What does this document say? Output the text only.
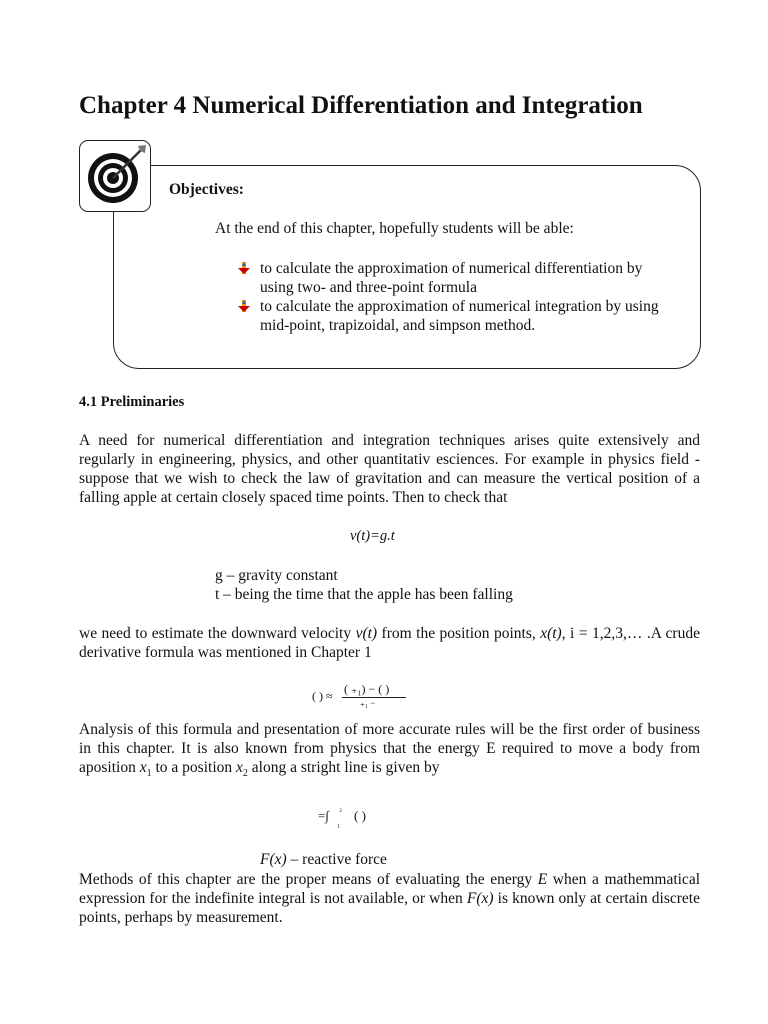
Chapter 4 Numerical Differentiation and Integration
Objectives:
At the end of this chapter, hopefully students will be able:
to calculate the approximation of numerical differentiation by
using two- and three-point formula
to calculate the approximation of numerical integration by using
mid-point, trapizoidal, and simpson method.
4.1 Preliminaries

A need for numerical differentiation and integration techniques arises quite extensively and regularly in engineering, physics, and other quantitativ esciences. For example in physics field - suppose that we wish to check the law of gravitation and can measure the vertical position of a falling apple at certain closely spaced time points. Then to check that

v(t)=g.t
g – gravity constant
t – being the time that the apple has been falling

we need to estimate the downward velocity v(t) from the position points, x(t), i = 1,2,3,… .A crude derivative formula was mentioned in Chapter 1

( ) ≈ ( ₊₁) − ( )
₊₁ −

Analysis of this formula and presentation of more accurate rules will be the first order of business in this chapter. It is also known from physics that the energy E required to move a body from aposition $x_1$ to a position $x_2$ along a stright line is given by

=∫
₂
₁ ( )
F(x) – reactive force

Methods of this chapter are the proper means of evaluating the energy E when a mathemmatical expression for the indefinite integral is not available, or when F(x) is known only at certain discrete points, perhaps by measurement.
